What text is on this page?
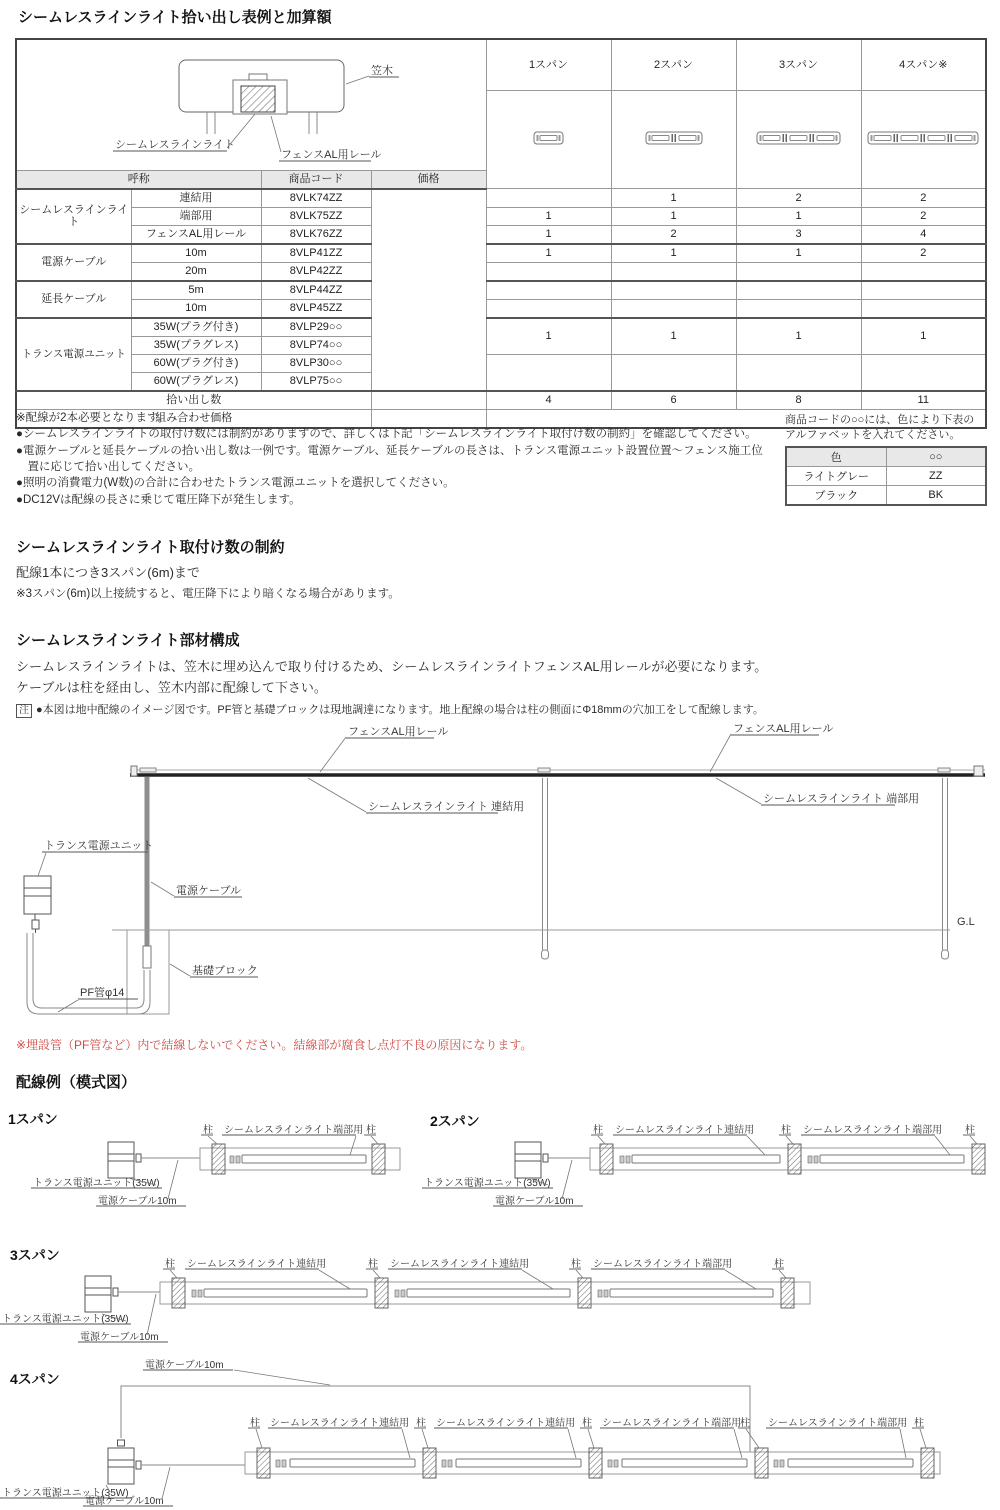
シームレスラインライト拾い出し表例と加算額
笠木
シームレスラインライト
フェンスAL用レール				1スパン	2スパン	3スパン	4スパン※

呼称		商品コード	価格				
シームレスラインライト	連結用	8VLK74ZZ			1	2	2
	端部用	8VLK75ZZ		1	1	1	2
	フェンスAL用レール	8VLK76ZZ		1	2	3	4
電源ケーブル	10m	8VLP41ZZ		1	1	1	2
	20m	8VLP42ZZ					
延長ケーブル	5m	8VLP44ZZ					
	10m	8VLP45ZZ					
トランス電源ユニット	35W(プラグ付き)	8VLP29○○		1	1	1	1
	35W(プラグレス)	8VLP74○○					
	60W(プラグ付き)	8VLP30○○					
	60W(プラグレス)	8VLP75○○					
拾い出し数				4	6	8	11
組み合わせ価格							
※配線が2本必要となります。
●シームレスラインライトの取付け数には制約がありますので、詳しくは下記「シームレスラインライト取付け数の制約」を確認してください。
●電源ケーブルと延長ケーブルの拾い出し数は一例です。電源ケーブル、延長ケーブルの長さは、トランス電源ユニット設置位置～フェンス施工位置に応じて拾い出してください。
●照明の消費電力(W数)の合計に合わせたトランス電源ユニットを選択してください。
●DC12Vは配線の長さに乗じて電圧降下が発生します。
商品コードの○○には、色により下表の
アルファベットを入れてください。
色	○○
ライトグレー	ZZ
ブラック	BK
シームレスラインライト取付け数の制約
配線1本につき3スパン(6m)まで
※3スパン(6m)以上接続すると、電圧降下により暗くなる場合があります。
シームレスラインライト部材構成
シームレスラインライトは、笠木に埋め込んで取り付けるため、シームレスラインライトフェンスAL用レールが必要になります。
ケーブルは柱を経由し、笠木内部に配線して下さい。
注 ●本図は地中配線のイメージ図です。PF管と基礎ブロックは現地調達になります。地上配線の場合は柱の側面にΦ18mmの穴加工をして配線します。
G.L
フェンスAL用レール
シームレスラインライト 連結用
フェンスAL用レール
シームレスラインライト 端部用
トランス電源ユニット
電源ケーブル
基礎ブロック
PF管φ14
※埋設管（PF管など）内で結線しないでください。結線部が腐食し点灯不良の原因になります。
配線例（模式図）
1スパン
柱	柱
シームレスラインライト端部用
トランス電源ユニット(35W)
電源ケーブル10m
2スパン
柱	柱	柱
シームレスラインライト連結用	シームレスラインライト端部用
トランス電源ユニット(35W)
電源ケーブル10m
3スパン
柱	柱	柱	柱
シームレスラインライト連結用	シームレスラインライト連結用	シームレスラインライト端部用
トランス電源ユニット(35W)
電源ケーブル10m
4スパン
電源ケーブル10m
柱	柱	柱	柱	柱
シームレスラインライト連結用	シームレスラインライト連結用	シームレスラインライト端部用	シームレスラインライト端部用
トランス電源ユニット(35W)
電源ケーブル10m
